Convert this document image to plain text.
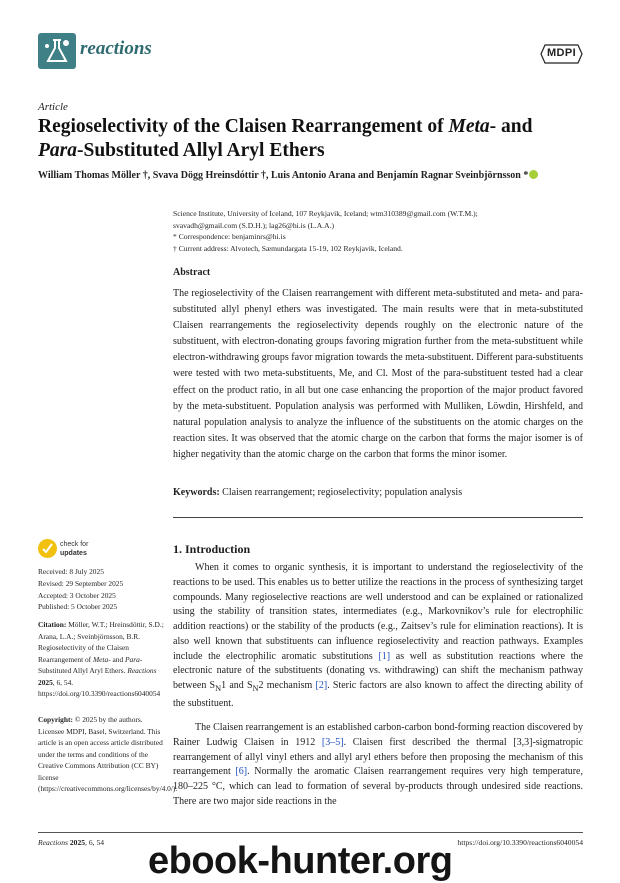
reactions	MDPI
Article
Regioselectivity of the Claisen Rearrangement of Meta- and
Para-Substituted Allyl Aryl Ethers
William Thomas Möller †, Svava Dögg Hreinsdóttir †, Luis Antonio Arana and Benjamín Ragnar Sveinbjörnsson *
Science Institute, University of Iceland, 107 Reykjavik, Iceland; wtm310389@gmail.com (W.T.M.);
svavadh@gmail.com (S.D.H.); lag26@hi.is (L.A.A.)
* Correspondence: benjaminrs@hi.is
† Current address: Alvotech, Sæmundargata 15-19, 102 Reykjavik, Iceland.
Abstract
The regioselectivity of the Claisen rearrangement with different meta-substituted and meta- and para-substituted allyl phenyl ethers was investigated. The main results were that in meta-substituted Claisen rearrangements the regioselectivity depends roughly on the electronic nature of the substituent, with electron-donating groups favoring migration further from the meta-substituent while electron-withdrawing groups favor migration towards the meta-substituent. Different para-substituents were tested with two meta-substituents, Me, and Cl. Most of the para-substituent tested had a clear effect on the product ratio, in all but one case enhancing the proportion of the major product favored by the meta-substituent. Population analysis was performed with Mulliken, Löwdin, Hirshfeld, and natural population analysis to analyze the influence of the substituents on the atomic charges on the reaction sites. It was observed that the atomic charge on the carbon that forms the major isomer is of higher negativity than the atomic charge on the carbon that forms the minor isomer.
Keywords: Claisen rearrangement; regioselectivity; population analysis
check for
updates
Received: 8 July 2025
Revised: 29 September 2025
Accepted: 3 October 2025
Published: 5 October 2025
Citation: Möller, W.T.; Hreinsdóttir, S.D.; Arana, L.A.; Sveinbjörnsson, B.R. Regioselectivity of the Claisen Rearrangement of Meta- and Para-Substituted Allyl Aryl Ethers. Reactions 2025, 6, 54. https://doi.org/10.3390/reactions6040054
Copyright: © 2025 by the authors. Licensee MDPI, Basel, Switzerland. This article is an open access article distributed under the terms and conditions of the Creative Commons Attribution (CC BY) license (https://creativecommons.org/licenses/by/4.0/).
1. Introduction
When it comes to organic synthesis, it is important to understand the regioselectivity of the reactions to be used. This enables us to better utilize the reactions in the process of synthesizing target compounds. Many regioselective reactions are well understood and can be explained or rationalized using the stability of transition states, intermediates (e.g., Markovnikov’s rule for electrophilic addition reactions) or the stability of the products (e.g., Zaitsev’s rule for elimination reactions). It is also well known that substituents can influence regioselectivity and reaction pathways. Examples include the electrophilic aromatic substitutions [1] as well as substitution reactions where the electronic nature of the substituents (donating vs. withdrawing) can shift the mechanism pathway between $S_N1$ and $S_N2$ mechanism [2]. Steric factors are also known to affect the directing ability of the substituent.
The Claisen rearrangement is an established carbon-carbon bond-forming reaction discovered by Rainer Ludwig Claisen in 1912 [3–5]. Claisen first described the thermal [3,3]-sigmatropic rearrangement of allyl vinyl ethers and allyl aryl ethers before then proposing the mechanism of this rearrangement [6]. Normally the aromatic Claisen rearrangement requires very high temperature, 180–225 °C, which can lead to formation of several by-products through undesired side reactions. There are two major side reactions in the
Reactions 2025, 6, 54	https://doi.org/10.3390/reactions6040054
ebook-hunter.org
